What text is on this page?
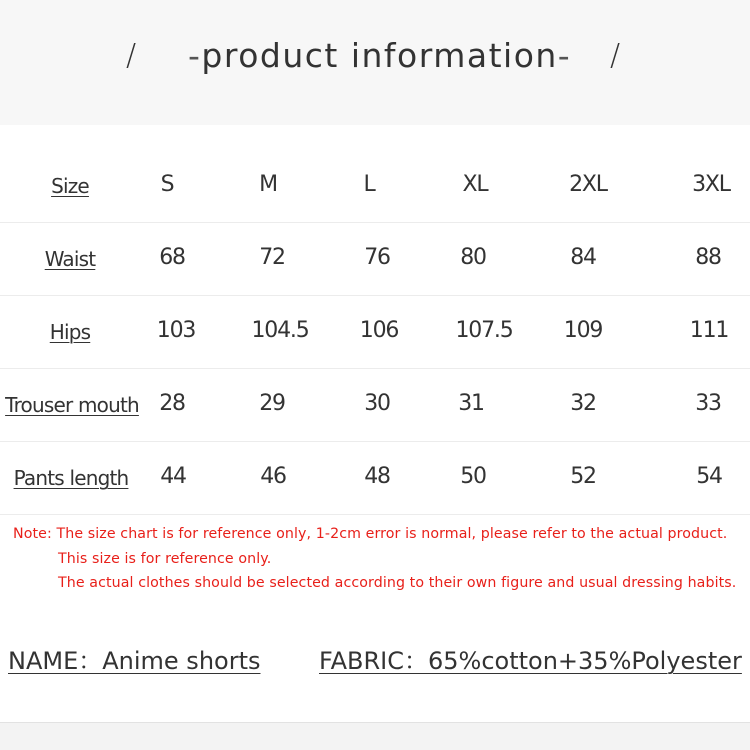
/ -product information- /
Size	S	M	L	XL	2XL	3XL
Waist	68	72	76	80	84	88
Hips	103	104.5 106	107.5 109	111
Trouser mouth 28	29	30	31	32	33
Pants length 44	46	48	50	52	54
Note: The size chart is for reference only, 1-2cm error is normal, please refer to the actual product.
This size is for reference only.
The actual clothes should be selected according to their own figure and usual dressing habits.
NAME：Anime shorts FABRIC：65%cotton+35%Polyester
